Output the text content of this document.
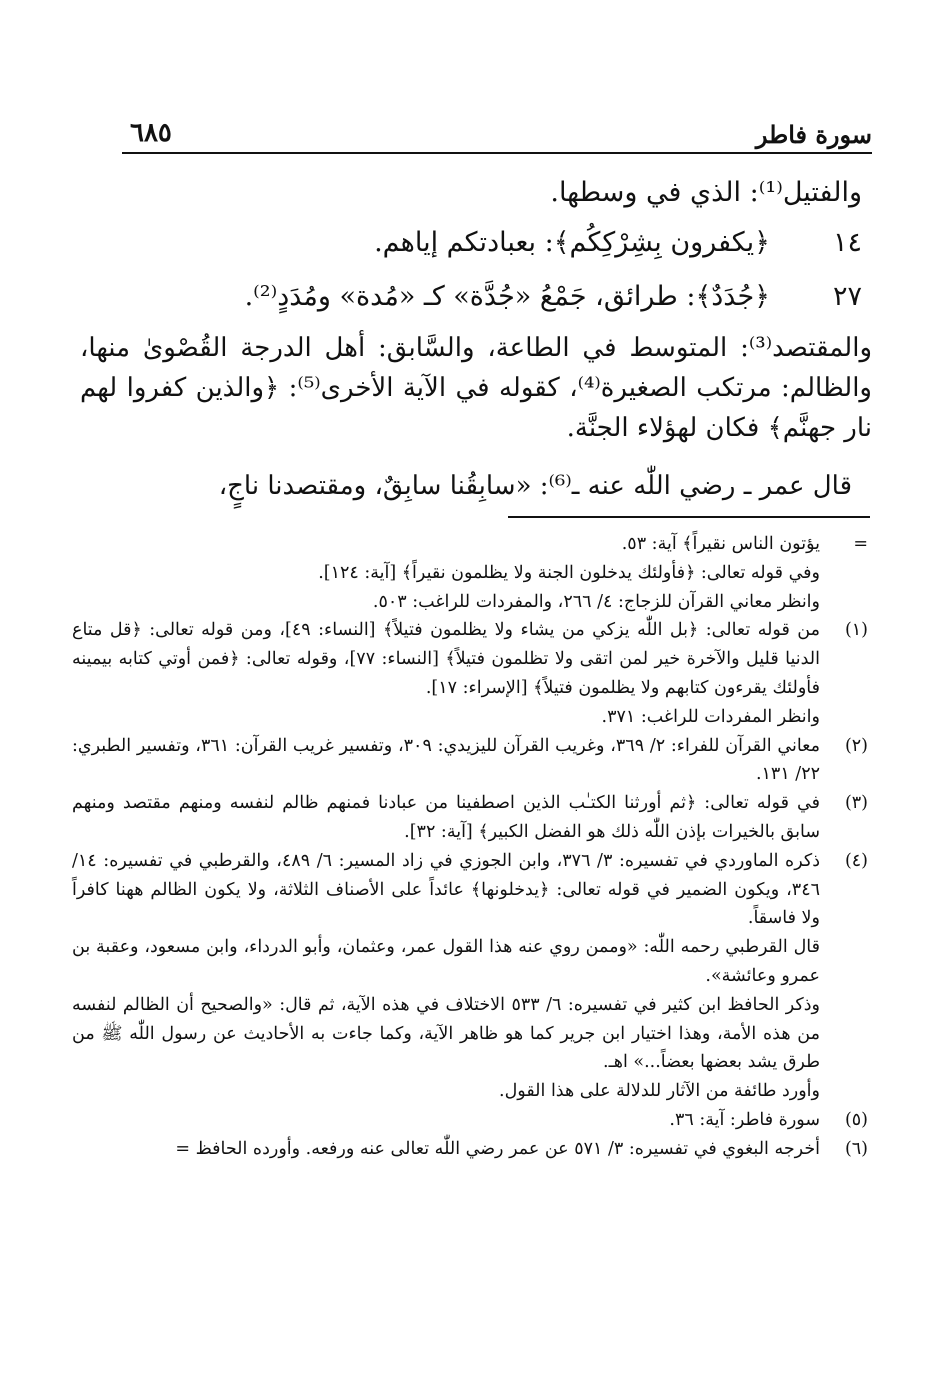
سورة فاطر
٦٨٥
والفتيل⁽¹⁾: الذي في وسطها.
١٤
﴿يكفرون بِشِرْكِكُم﴾: بعبادتكم إياهم.
٢٧
﴿جُدَدٌ﴾: طرائق، جَمْعُ «جُدَّة» كـ «مُدة» ومُدَدٍ⁽²⁾.
والمقتصد⁽³⁾: المتوسط في الطاعة، والسَّابق: أهل الدرجة القُصْوىٰ منها، والظالم: مرتكب الصغيرة⁽⁴⁾، كقوله في الآية الأخرى⁽⁵⁾: ﴿والذين كفروا لهم نار جهنَّم﴾ فكان لهؤلاء الجنَّة.
قال عمر ـ رضي اللّٰه عنه ـ⁽⁶⁾: «سابِقُنا سابِقٌ، ومقتصدنا ناجٍ،
=
يؤتون الناس نقيراً﴾ آية: ٥٣.
وفي قوله تعالى: ﴿فأولئك يدخلون الجنة ولا يظلمون نقيراً﴾ [آية: ١٢٤].
وانظر معاني القرآن للزجاج: ٤/ ٢٦٦، والمفردات للراغب: ٥٠٣.
(١)
من قوله تعالى: ﴿بل اللّٰه يزكي من يشاء ولا يظلمون فتيلاً﴾ [النساء: ٤٩]، ومن قوله تعالى: ﴿قل متاع الدنيا قليل والآخرة خير لمن اتقى ولا تظلمون فتيلاً﴾ [النساء: ٧٧]، وقوله تعالى: ﴿فمن أوتي كتابه بيمينه فأولئك يقرءون كتابهم ولا يظلمون فتيلاً﴾ [الإسراء: ١٧].
وانظر المفردات للراغب: ٣٧١.
(٢)
معاني القرآن للفراء: ٢/ ٣٦٩، وغريب القرآن لليزيدي: ٣٠٩، وتفسير غريب القرآن: ٣٦١، وتفسير الطبري: ٢٢/ ١٣١.
(٣)
في قوله تعالى: ﴿ثم أورثنا الكتـٰب الذين اصطفينا من عبادنا فمنهم ظالم لنفسه ومنهم مقتصد ومنهم سابق بالخيرات بإذن اللّٰه ذلك هو الفضل الكبير﴾ [آية: ٣٢].
(٤)
ذكره الماوردي في تفسيره: ٣/ ٣٧٦، وابن الجوزي في زاد المسير: ٦/ ٤٨٩، والقرطبي في تفسيره: ١٤/ ٣٤٦، ويكون الضمير في قوله تعالى: ﴿يدخلونها﴾ عائداً على الأصناف الثلاثة، ولا يكون الظالم ههنا كافراً ولا فاسقاً.
قال القرطبي رحمه اللّٰه: «وممن روي عنه هذا القول عمر، وعثمان، وأبو الدرداء، وابن مسعود، وعقبة بن عمرو وعائشة».
وذكر الحافظ ابن كثير في تفسيره: ٦/ ٥٣٣ الاختلاف في هذه الآية، ثم قال: «والصحيح أن الظالم لنفسه من هذه الأمة، وهذا اختيار ابن جرير كما هو ظاهر الآية، وكما جاءت به الأحاديث عن رسول اللّٰه ﷺ من طرق يشد بعضها بعضاً...» اهـ.
وأورد طائفة من الآثار للدلالة على هذا القول.
(٥)
سورة فاطر: آية: ٣٦.
(٦)
أخرجه البغوي في تفسيره: ٣/ ٥٧١ عن عمر رضي اللّٰه تعالى عنه ورفعه. وأورده الحافظ =
